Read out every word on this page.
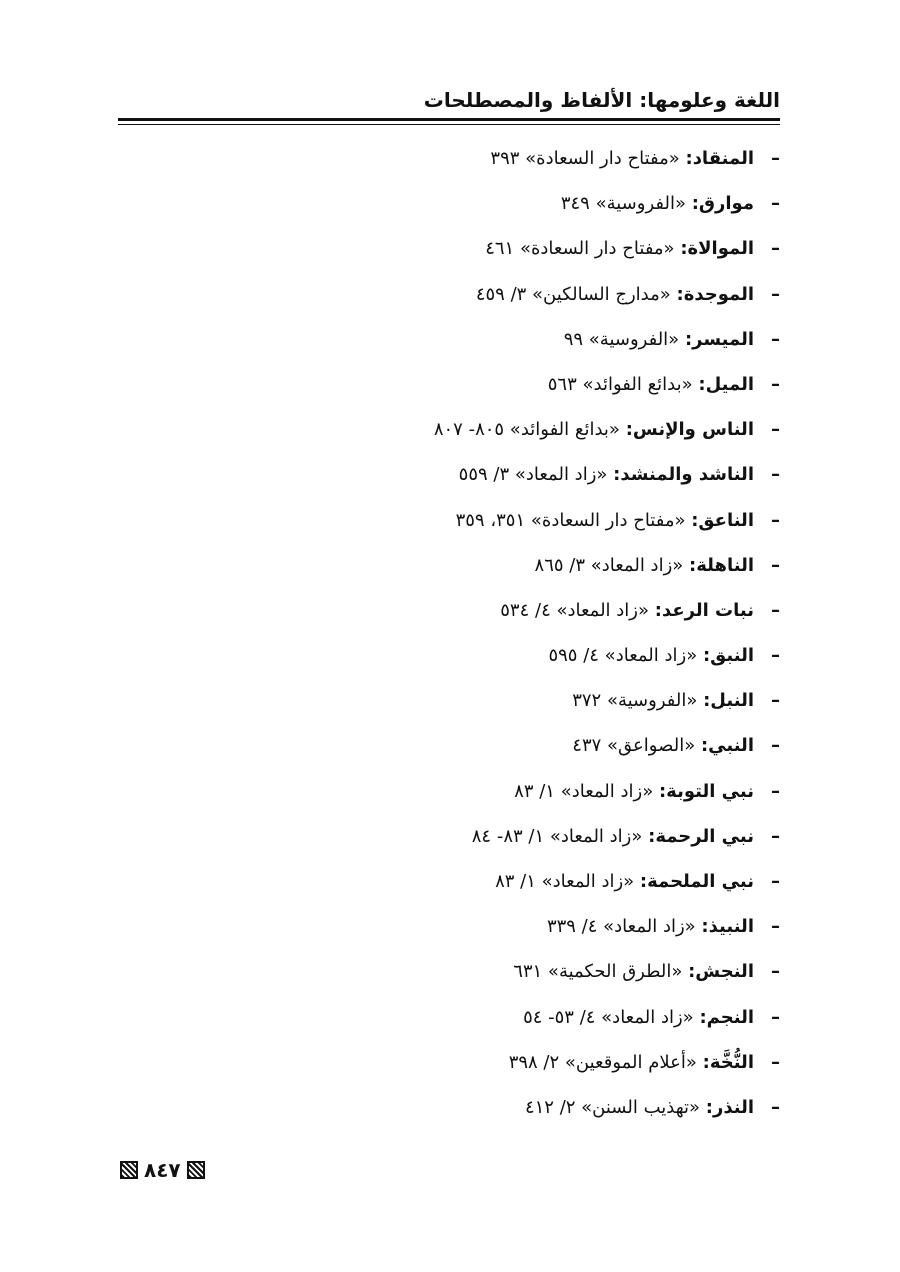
اللغة وعلومها: الألفاظ والمصطلحات
–المنقاد: «مفتاح دار السعادة» ٣٩٣
–موارق: «الفروسية» ٣٤٩
–الموالاة: «مفتاح دار السعادة» ٤٦١
–الموجدة: «مدارج السالكين» ٣/ ٤٥٩
–الميسر: «الفروسية» ٩٩
–الميل: «بدائع الفوائد» ٥٦٣
–الناس والإنس: «بدائع الفوائد» ٨٠٥- ٨٠٧
–الناشد والمنشد: «زاد المعاد» ٣/ ٥٥٩
–الناعق: «مفتاح دار السعادة» ٣٥١، ٣٥٩
–الناهلة: «زاد المعاد» ٣/ ٨٦٥
–نبات الرعد: «زاد المعاد» ٤/ ٥٣٤
–النبق: «زاد المعاد» ٤/ ٥٩٥
–النبل: «الفروسية» ٣٧٢
–النبي: «الصواعق» ٤٣٧
–نبي التوبة: «زاد المعاد» ١/ ٨٣
–نبي الرحمة: «زاد المعاد» ١/ ٨٣- ٨٤
–نبي الملحمة: «زاد المعاد» ١/ ٨٣
–النبيذ: «زاد المعاد» ٤/ ٣٣٩
–النجش: «الطرق الحكمية» ٦٣١
–النجم: «زاد المعاد» ٤/ ٥٣- ٥٤
–النُّخَّة: «أعلام الموقعين» ٢/ ٣٩٨
–النذر: «تهذيب السنن» ٢/ ٤١٢
٨٤٧
